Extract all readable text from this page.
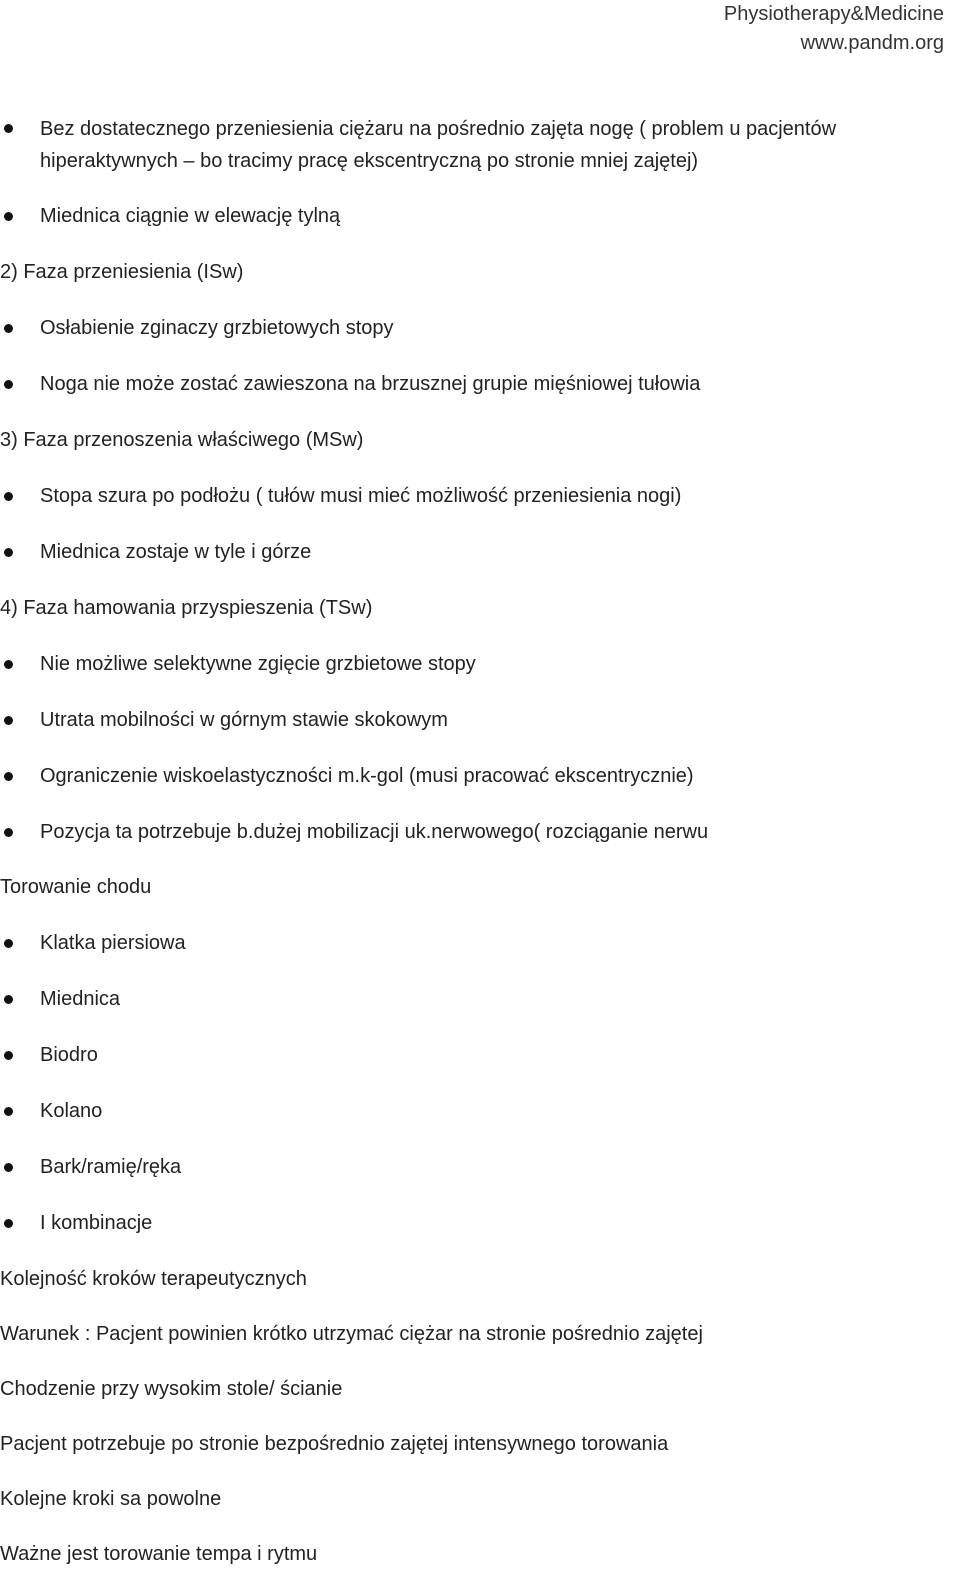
Physiotherapy&Medicine
www.pandm.org
Bez dostatecznego przeniesienia ciężaru na pośrednio zajęta nogę ( problem u pacjentów hiperaktywnych – bo tracimy pracę ekscentryczną po stronie mniej zajętej)
Miednica ciągnie w elewację tylną
2) Faza przeniesienia (ISw)
Osłabienie zginaczy grzbietowych stopy
Noga nie może zostać zawieszona na brzusznej grupie mięśniowej tułowia
3) Faza przenoszenia właściwego (MSw)
Stopa szura po podłożu ( tułów musi mieć możliwość przeniesienia nogi)
Miednica zostaje w tyle i górze
4) Faza hamowania przyspieszenia (TSw)
Nie możliwe selektywne zgięcie grzbietowe stopy
Utrata mobilności w górnym stawie skokowym
Ograniczenie wiskoelastyczności m.k-gol (musi pracować ekscentrycznie)
Pozycja ta potrzebuje b.dużej mobilizacji uk.nerwowego( rozciąganie nerwu
Torowanie chodu
Klatka piersiowa
Miednica
Biodro
Kolano
Bark/ramię/ręka
I kombinacje
Kolejność kroków terapeutycznych
Warunek : Pacjent powinien krótko utrzymać ciężar na stronie pośrednio zajętej
Chodzenie przy wysokim stole/ ścianie
Pacjent potrzebuje po stronie bezpośrednio zajętej intensywnego torowania
Kolejne kroki sa powolne
Ważne jest torowanie tempa i rytmu
